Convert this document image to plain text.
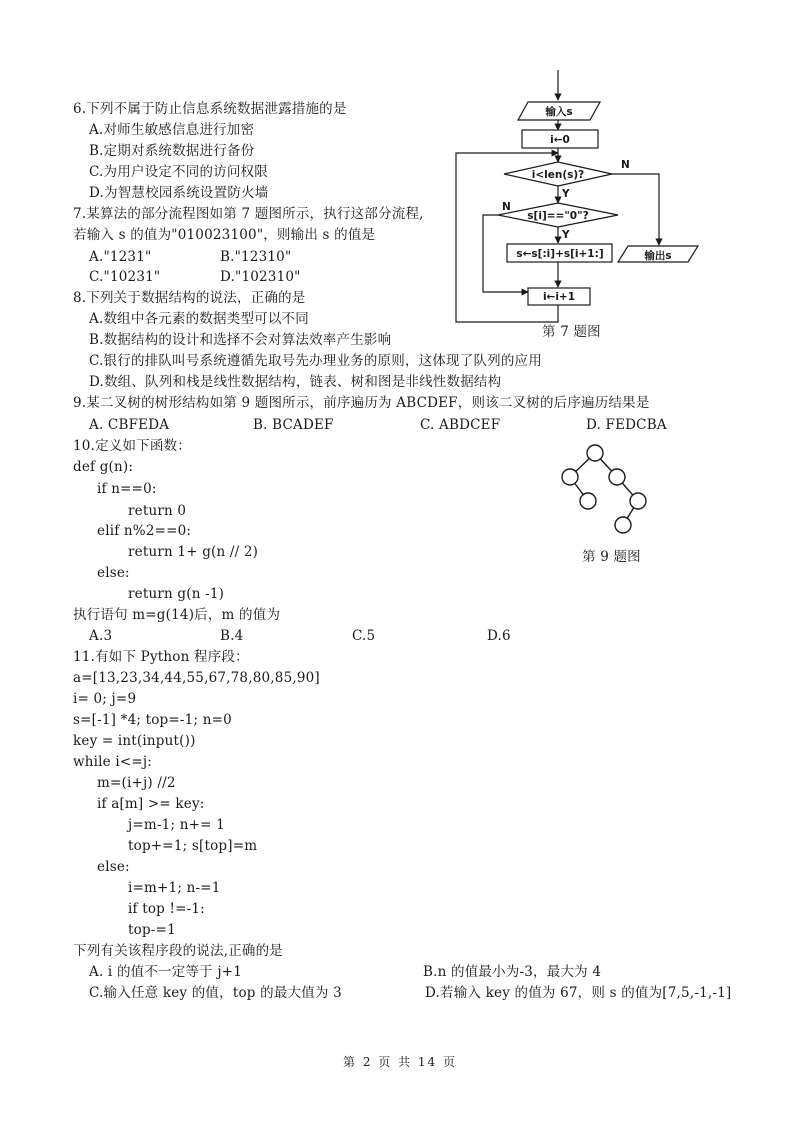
6.下列不属于防止信息系统数据泄露措施的是
A.对师生敏感信息进行加密
B.定期对系统数据进行备份
C.为用户设定不同的访问权限
D.为智慧校园系统设置防火墙
7.某算法的部分流程图如第 7 题图所示，执行这部分流程,
若输入 s 的值为"010023100"，则输出 s 的值是
A."1231"	B."12310"
C."10231"	D."102310"
输入s
i←0
i<len(s)?
s[i]=="0"?
s←s[:i]+s[i+1:]
i←i+1
输出s
N
Y
N
Y
第 7 题图
8.下列关于数据结构的说法，正确的是
A.数组中各元素的数据类型可以不同
B.数据结构的设计和选择不会对算法效率产生影响
C.银行的排队叫号系统遵循先取号先办理业务的原则，这体现了队列的应用
D.数组、队列和栈是线性数据结构，链表、树和图是非线性数据结构
9.某二叉树的树形结构如第 9 题图所示，前序遍历为 ABCDEF，则该二叉树的后序遍历结果是
A. CBFEDA	B. BCADEF	C. ABDCEF	D. FEDCBA
第 9 题图
10.定义如下函数：
def g(n):
if n==0:
return 0
elif n%2==0:
return 1+ g(n // 2)
else:
return g(n -1)
执行语句 m=g(14)后，m 的值为
A.3	B.4	C.5	D.6
11.有如下 Python 程序段：
a=[13,23,34,44,55,67,78,80,85,90]
i= 0; j=9
s=[-1] *4; top=-1; n=0
key = int(input())
while i<=j:
m=(i+j) //2
if a[m] >= key:
j=m-1; n+= 1
top+=1; s[top]=m
else:
i=m+1; n-=1
if top !=-1:
top-=1
下列有关该程序段的说法,正确的是
A. i 的值不一定等于 j+1	B.n 的值最小为-3，最大为 4
C.输入任意 key 的值，top 的最大值为 3	D.若输入 key 的值为 67，则 s 的值为[7,5,-1,-1]
第 2 页 共 14 页
